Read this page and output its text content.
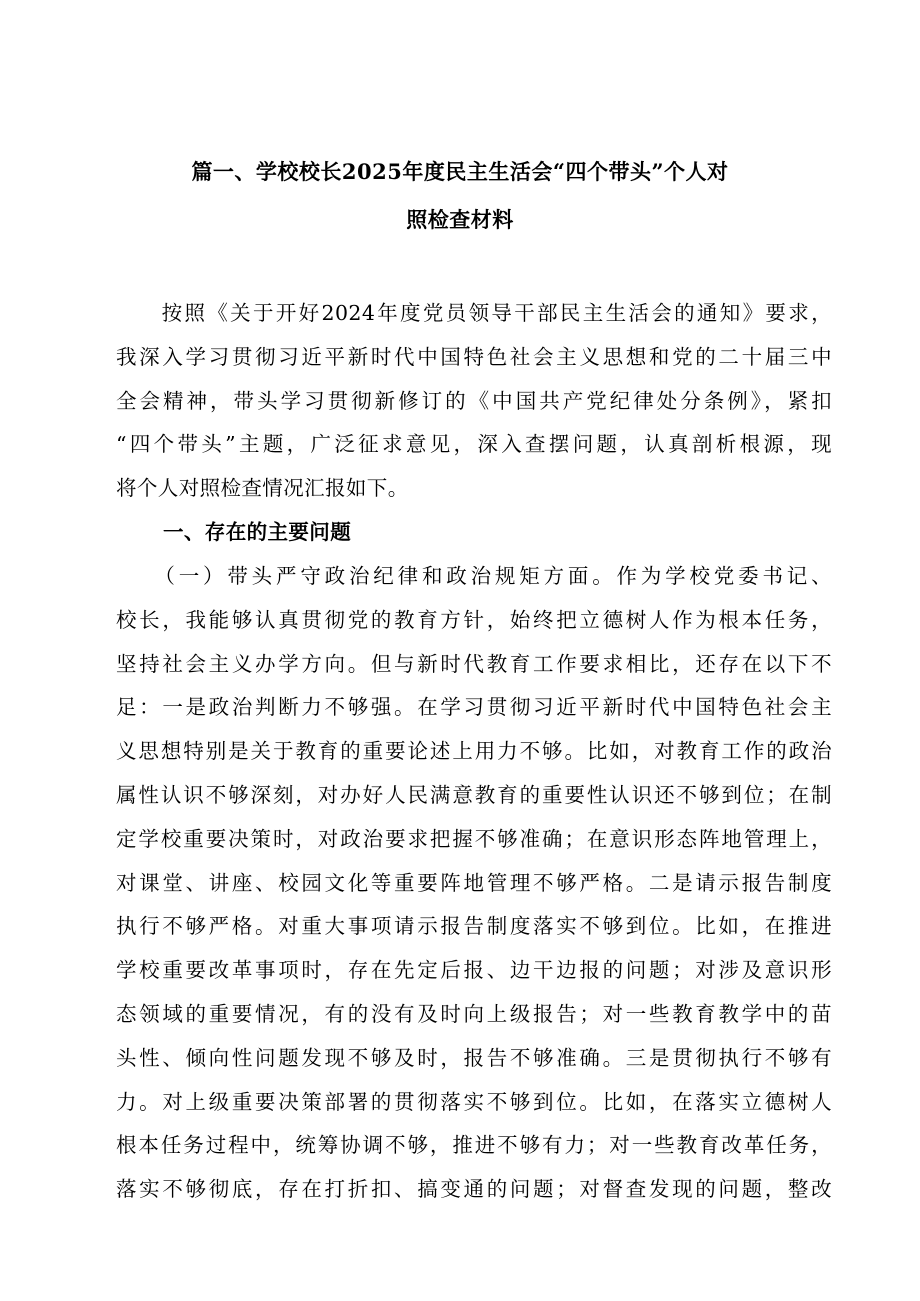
篇一、学校校长2025年度民主生活会“四个带头”个人对
照检查材料
　　按照《关于开好2024年度党员领导干部民主生活会的通知》要求，
我深入学习贯彻习近平新时代中国特色社会主义思想和党的二十届三中
全会精神，带头学习贯彻新修订的《中国共产党纪律处分条例》，紧扣
“四个带头”主题，广泛征求意见，深入查摆问题，认真剖析根源，现
将个人对照检查情况汇报如下。
一、存在的主要问题
　　（一）带头严守政治纪律和政治规矩方面。作为学校党委书记、
校长，我能够认真贯彻党的教育方针，始终把立德树人作为根本任务，
坚持社会主义办学方向。但与新时代教育工作要求相比，还存在以下不
足：一是政治判断力不够强。在学习贯彻习近平新时代中国特色社会主
义思想特别是关于教育的重要论述上用力不够。比如，对教育工作的政治
属性认识不够深刻，对办好人民满意教育的重要性认识还不够到位；在制
定学校重要决策时，对政治要求把握不够准确；在意识形态阵地管理上，
对课堂、讲座、校园文化等重要阵地管理不够严格。二是请示报告制度
执行不够严格。对重大事项请示报告制度落实不够到位。比如，在推进
学校重要改革事项时，存在先定后报、边干边报的问题；对涉及意识形
态领域的重要情况，有的没有及时向上级报告；对一些教育教学中的苗
头性、倾向性问题发现不够及时，报告不够准确。三是贯彻执行不够有
力。对上级重要决策部署的贯彻落实不够到位。比如，在落实立德树人
根本任务过程中，统筹协调不够，推进不够有力；对一些教育改革任务，
落实不够彻底，存在打折扣、搞变通的问题；对督查发现的问题，整改
